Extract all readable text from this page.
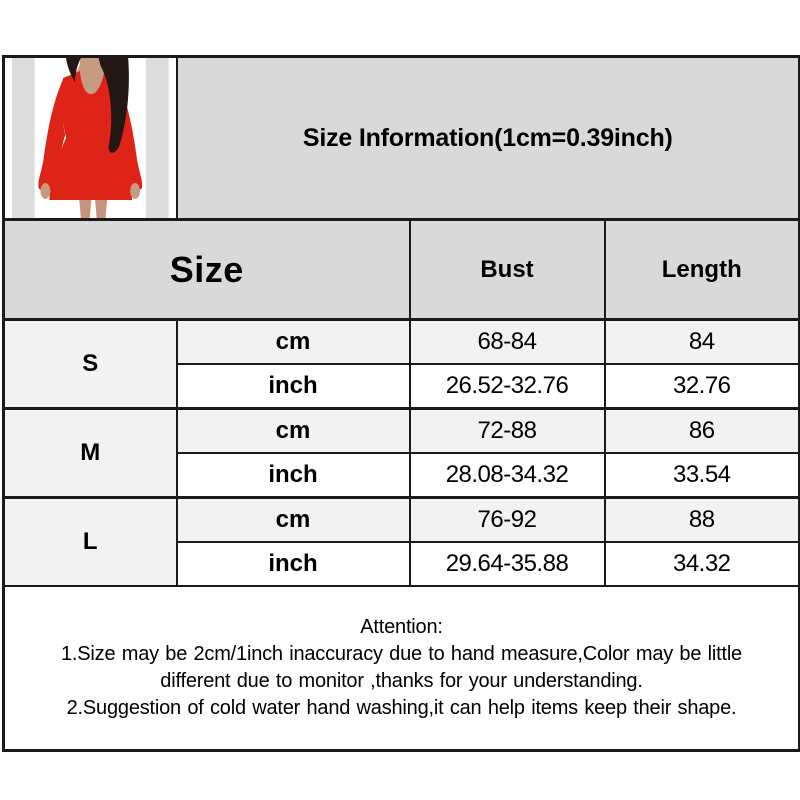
	Size Information(1cm=0.39inch)		
Size		Bust	Length
S	cm	68-84	84
	inch	26.52-32.76	32.76
M	cm	72-88	86
	inch	28.08-34.32	33.54
L	cm	76-92	88
	inch	29.64-35.88	34.32

Attention:
1.Size may be 2cm/1inch inaccuracy due to hand measure,Color may be little
different due to monitor ,thanks for your understanding.
2.Suggestion of cold water hand washing,it can help items keep their shape.			
